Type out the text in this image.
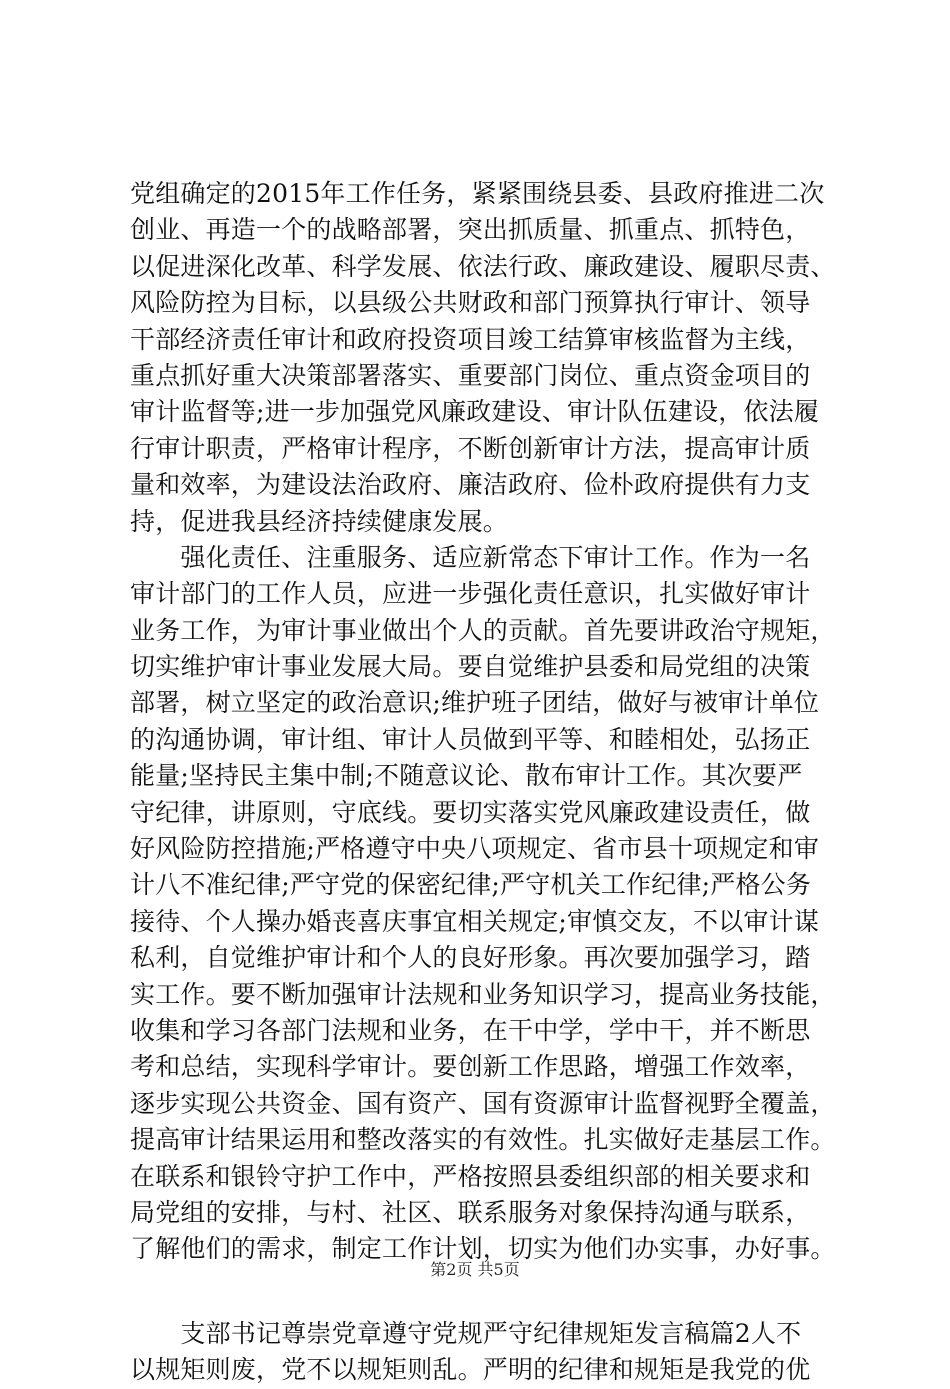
党组确定的2015年工作任务，紧紧围绕县委、县政府推进二次
创业、再造一个的战略部署，突出抓质量、抓重点、抓特色，
以促进深化改革、科学发展、依法行政、廉政建设、履职尽责、
风险防控为目标，以县级公共财政和部门预算执行审计、领导
干部经济责任审计和政府投资项目竣工结算审核监督为主线，
重点抓好重大决策部署落实、重要部门岗位、重点资金项目的
审计监督等;进一步加强党风廉政建设、审计队伍建设，依法履
行审计职责，严格审计程序，不断创新审计方法，提高审计质
量和效率，为建设法治政府、廉洁政府、俭朴政府提供有力支
持，促进我县经济持续健康发展。
　　强化责任、注重服务、适应新常态下审计工作。作为一名
审计部门的工作人员，应进一步强化责任意识，扎实做好审计
业务工作，为审计事业做出个人的贡献。首先要讲政治守规矩，
切实维护审计事业发展大局。要自觉维护县委和局党组的决策
部署，树立坚定的政治意识;维护班子团结，做好与被审计单位
的沟通协调，审计组、审计人员做到平等、和睦相处，弘扬正
能量;坚持民主集中制;不随意议论、散布审计工作。其次要严
守纪律，讲原则，守底线。要切实落实党风廉政建设责任，做
好风险防控措施;严格遵守中央八项规定、省市县十项规定和审
计八不准纪律;严守党的保密纪律;严守机关工作纪律;严格公务
接待、个人操办婚丧喜庆事宜相关规定;审慎交友，不以审计谋
私利，自觉维护审计和个人的良好形象。再次要加强学习，踏
实工作。要不断加强审计法规和业务知识学习，提高业务技能，
收集和学习各部门法规和业务，在干中学，学中干，并不断思
考和总结，实现科学审计。要创新工作思路，增强工作效率，
逐步实现公共资金、国有资产、国有资源审计监督视野全覆盖，
提高审计结果运用和整改落实的有效性。扎实做好走基层工作。
在联系和银铃守护工作中，严格按照县委组织部的相关要求和
局党组的安排，与村、社区、联系服务对象保持沟通与联系，
了解他们的需求，制定工作计划，切实为他们办实事，办好事。
　　支部书记尊崇党章遵守党规严守纪律规矩发言稿篇2人不
以规矩则废，党不以规矩则乱。严明的纪律和规矩是我党的优
第2页 共5页
